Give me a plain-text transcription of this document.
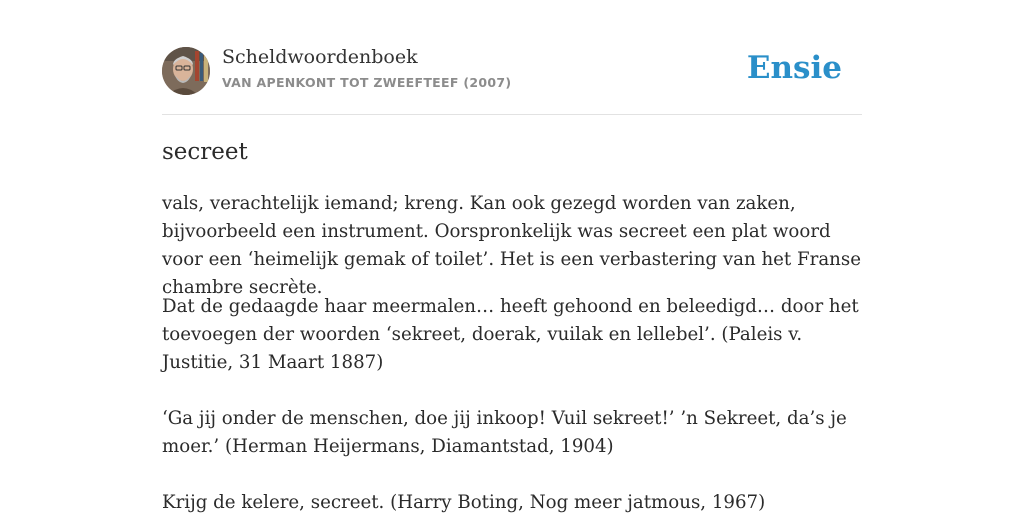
Scheldwoordenboek
VAN APENKONT TOT ZWEEFTEEF (2007)	Ensie
secreet

vals, verachtelijk iemand; kreng. Kan ook gezegd worden van zaken, bijvoorbeeld een instrument. Oorspronkelijk was secreet een plat woord voor een ‘heimelijk gemak of toilet’. Het is een verbastering van het Franse chambre secrète.

Dat de gedaagde haar meermalen… heeft gehoond en beleedigd… door het toevoegen der woorden ‘sekreet, doerak, vuilak en lellebel’. (Paleis v. Justitie, 31 Maart 1887)

‘Ga jij onder de menschen, doe jij inkoop! Vuil sekreet!’ ’n Sekreet, da’s je moer.’ (Herman Heijermans, Diamantstad, 1904)

Krijg de kelere, secreet. (Harry Boting, Nog meer jatmous, 1967)
